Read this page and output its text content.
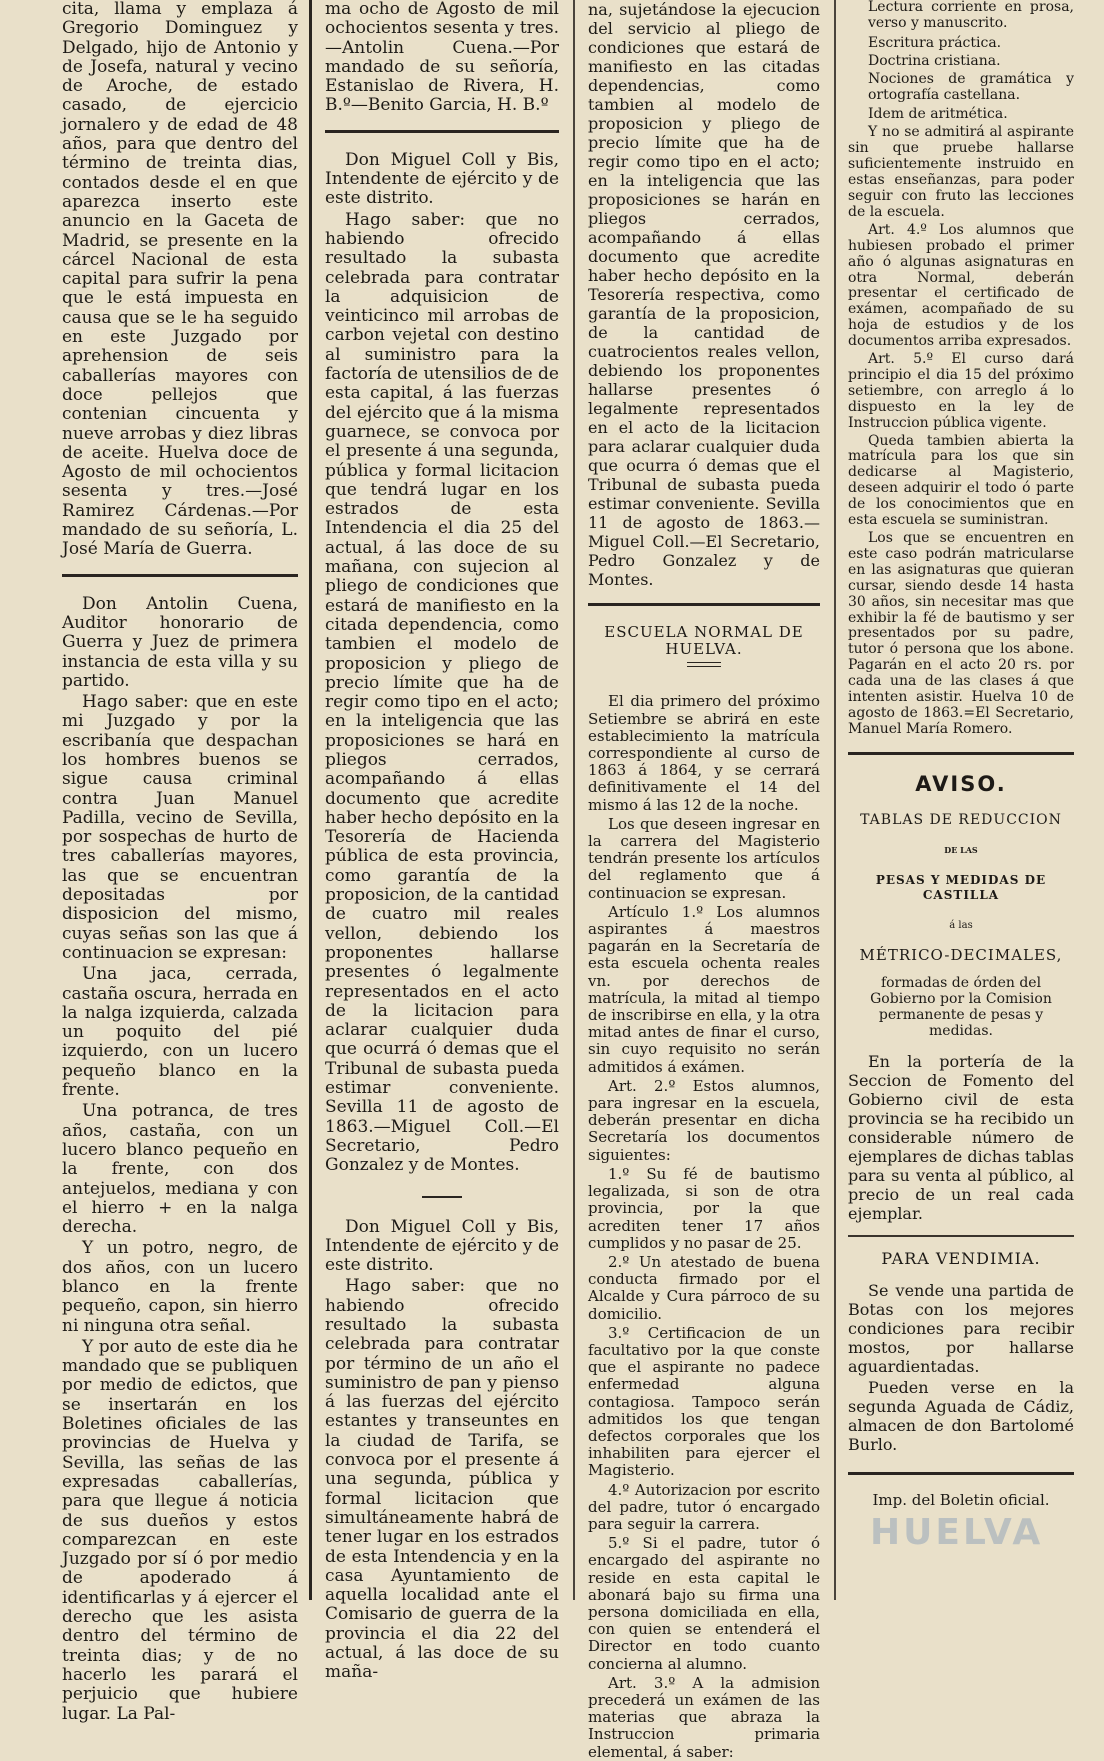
cita, llama y emplaza á Gregorio Dominguez y Delgado, hijo de Antonio y de Josefa, natural y vecino de Aroche, de estado casado, de ejercicio jornalero y de edad de 48 años, para que dentro del término de treinta dias, contados desde el en que aparezca inserto este anuncio en la Gaceta de Madrid, se presente en la cárcel Nacional de esta capital para sufrir la pena que le está impuesta en causa que se le ha seguido en este Juzgado por aprehension de seis caballerías mayores con doce pellejos que contenian cincuenta y nueve arrobas y diez libras de aceite. Huelva doce de Agosto de mil ochocientos sesenta y tres.—José Ramirez Cárdenas.—Por mandado de su señoría, L. José María de Guerra.

Don Antolin Cuena, Auditor honorario de Guerra y Juez de primera instancia de esta villa y su partido.

Hago saber: que en este mi Juzgado y por la escribanía que despachan los hombres buenos se sigue causa criminal contra Juan Manuel Padilla, vecino de Sevilla, por sospechas de hurto de tres caballerías mayores, las que se encuentran depositadas por disposicion del mismo, cuyas señas son las que á continuacion se expresan:

Una jaca, cerrada, castaña oscura, herrada en la nalga izquierda, calzada un poquito del pié izquierdo, con un lucero pequeño blanco en la frente.

Una potranca, de tres años, castaña, con un lucero blanco pequeño en la frente, con dos antejuelos, mediana y con el hierro + en la nalga derecha.

Y un potro, negro, de dos años, con un lucero blanco en la frente pequeño, capon, sin hierro ni ninguna otra señal.

Y por auto de este dia he mandado que se publiquen por medio de edictos, que se insertarán en los Boletines oficiales de las provincias de Huelva y Sevilla, las señas de las expresadas caballerías, para que llegue á noticia de sus dueños y estos comparezcan en este Juzgado por sí ó por medio de apoderado á identificarlas y á ejercer el derecho que les asista dentro del término de treinta dias; y de no hacerlo les parará el perjuicio que hubiere lugar. La Pal-

ma ocho de Agosto de mil ochocientos sesenta y tres.—Antolin Cuena.—Por mandado de su señoría, Estanislao de Rivera, H. B.º—Benito Garcia, H. B.º

Don Miguel Coll y Bis, Intendente de ejército y de este distrito.

Hago saber: que no habiendo ofrecido resultado la subasta celebrada para contratar la adquisicion de veinticinco mil arrobas de carbon vejetal con destino al suministro para la factoría de utensilios de de esta capital, á las fuerzas del ejército que á la misma guarnece, se convoca por el presente á una segunda, pública y formal licitacion que tendrá lugar en los estrados de esta Intendencia el dia 25 del actual, á las doce de su mañana, con sujecion al pliego de condiciones que estará de manifiesto en la citada dependencia, como tambien el modelo de proposicion y pliego de precio límite que ha de regir como tipo en el acto; en la inteligencia que las proposiciones se hará en pliegos cerrados, acompañando á ellas documento que acredite haber hecho depósito en la Tesorería de Hacienda pública de esta provincia, como garantía de la proposicion, de la cantidad de cuatro mil reales vellon, debiendo los proponentes hallarse presentes ó legalmente representados en el acto de la licitacion para aclarar cualquier duda que ocurrá ó demas que el Tribunal de subasta pueda estimar conveniente. Sevilla 11 de agosto de 1863.—Miguel Coll.—El Secretario, Pedro Gonzalez y de Montes.

Don Miguel Coll y Bis, Intendente de ejército y de este distrito.

Hago saber: que no habiendo ofrecido resultado la subasta celebrada para contratar por término de un año el suministro de pan y pienso á las fuerzas del ejército estantes y transeuntes en la ciudad de Tarifa, se convoca por el presente á una segunda, pública y formal licitacion que simultáneamente habrá de tener lugar en los estrados de esta Intendencia y en la casa Ayuntamiento de aquella localidad ante el Comisario de guerra de la provincia el dia 22 del actual, á las doce de su maña-

na, sujetándose la ejecucion del servicio al pliego de condiciones que estará de manifiesto en las citadas dependencias, como tambien al modelo de proposicion y pliego de precio límite que ha de regir como tipo en el acto; en la inteligencia que las proposiciones se harán en pliegos cerrados, acompañando á ellas documento que acredite haber hecho depósito en la Tesorería respectiva, como garantía de la proposicion, de la cantidad de cuatrocientos reales vellon, debiendo los proponentes hallarse presentes ó legalmente representados en el acto de la licitacion para aclarar cualquier duda que ocurra ó demas que el Tribunal de subasta pueda estimar conveniente. Sevilla 11 de agosto de 1863.—Miguel Coll.—El Secretario, Pedro Gonzalez y de Montes.

ESCUELA NORMAL DE HUELVA.

El dia primero del próximo Setiembre se abrirá en este establecimiento la matrícula correspondiente al curso de 1863 á 1864, y se cerrará definitivamente el 14 del mismo á las 12 de la noche.

Los que deseen ingresar en la carrera del Magisterio tendrán presente los artículos del reglamento que á continuacion se expresan.

Artículo 1.º Los alumnos aspirantes á maestros pagarán en la Secretaría de esta escuela ochenta reales vn. por derechos de matrícula, la mitad al tiempo de inscribirse en ella, y la otra mitad antes de finar el curso, sin cuyo requisito no serán admitidos á exámen.

Art. 2.º Estos alumnos, para ingresar en la escuela, deberán presentar en dicha Secretaría los documentos siguientes:

1.º Su fé de bautismo legalizada, si son de otra provincia, por la que acrediten tener 17 años cumplidos y no pasar de 25.

2.º Un atestado de buena conducta firmado por el Alcalde y Cura párroco de su domicilio.

3.º Certificacion de un facultativo por la que conste que el aspirante no padece enfermedad alguna contagiosa. Tampoco serán admitidos los que tengan defectos corporales que los inhabiliten para ejercer el Magisterio.

4.º Autorizacion por escrito del padre, tutor ó encargado para seguir la carrera.

5.º Si el padre, tutor ó encargado del aspirante no reside en esta capital le abonará bajo su firma una persona domiciliada en ella, con quien se entenderá el Director en todo cuanto concierna al alumno.

Art. 3.º A la admision precederá un exámen de las materias que abraza la Instruccion primaria elemental, á saber:

Lectura corriente en prosa, verso y manuscrito.

Escritura práctica.

Doctrina cristiana.

Nociones de gramática y ortografía castellana.

Idem de aritmética.

Y no se admitirá al aspirante sin que pruebe hallarse suficientemente instruido en estas enseñanzas, para poder seguir con fruto las lecciones de la escuela.

Art. 4.º Los alumnos que hubiesen probado el primer año ó algunas asignaturas en otra Normal, deberán presentar el certificado de exámen, acompañado de su hoja de estudios y de los documentos arriba expresados.

Art. 5.º El curso dará principio el dia 15 del próximo setiembre, con arreglo á lo dispuesto en la ley de Instruccion pública vigente.

Queda tambien abierta la matrícula para los que sin dedicarse al Magisterio, deseen adquirir el todo ó parte de los conocimientos que en esta escuela se suministran.

Los que se encuentren en este caso podrán matricularse en las asignaturas que quieran cursar, siendo desde 14 hasta 30 años, sin necesitar mas que exhibir la fé de bautismo y ser presentados por su padre, tutor ó persona que los abone. Pagarán en el acto 20 rs. por cada una de las clases á que intenten asistir. Huelva 10 de agosto de 1863.=El Secretario, Manuel María Romero.

AVISO.
TABLAS DE REDUCCION
DE LAS
PESAS Y MEDIDAS DE CASTILLA
á las
MÉTRICO-DECIMALES,

formadas de órden del Gobierno por la Comision permanente de pesas y medidas.

En la portería de la Seccion de Fomento del Gobierno civil de esta provincia se ha recibido un considerable número de ejemplares de dichas tablas para su venta al público, al precio de un real cada ejemplar.

PARA VENDIMIA.

Se vende una partida de Botas con los mejores condiciones para recibir mostos, por hallarse aguardientadas.

Pueden verse en la segunda Aguada de Cádiz, almacen de don Bartolomé Burlo.

Imp. del Boletin oficial.
HUELVA
